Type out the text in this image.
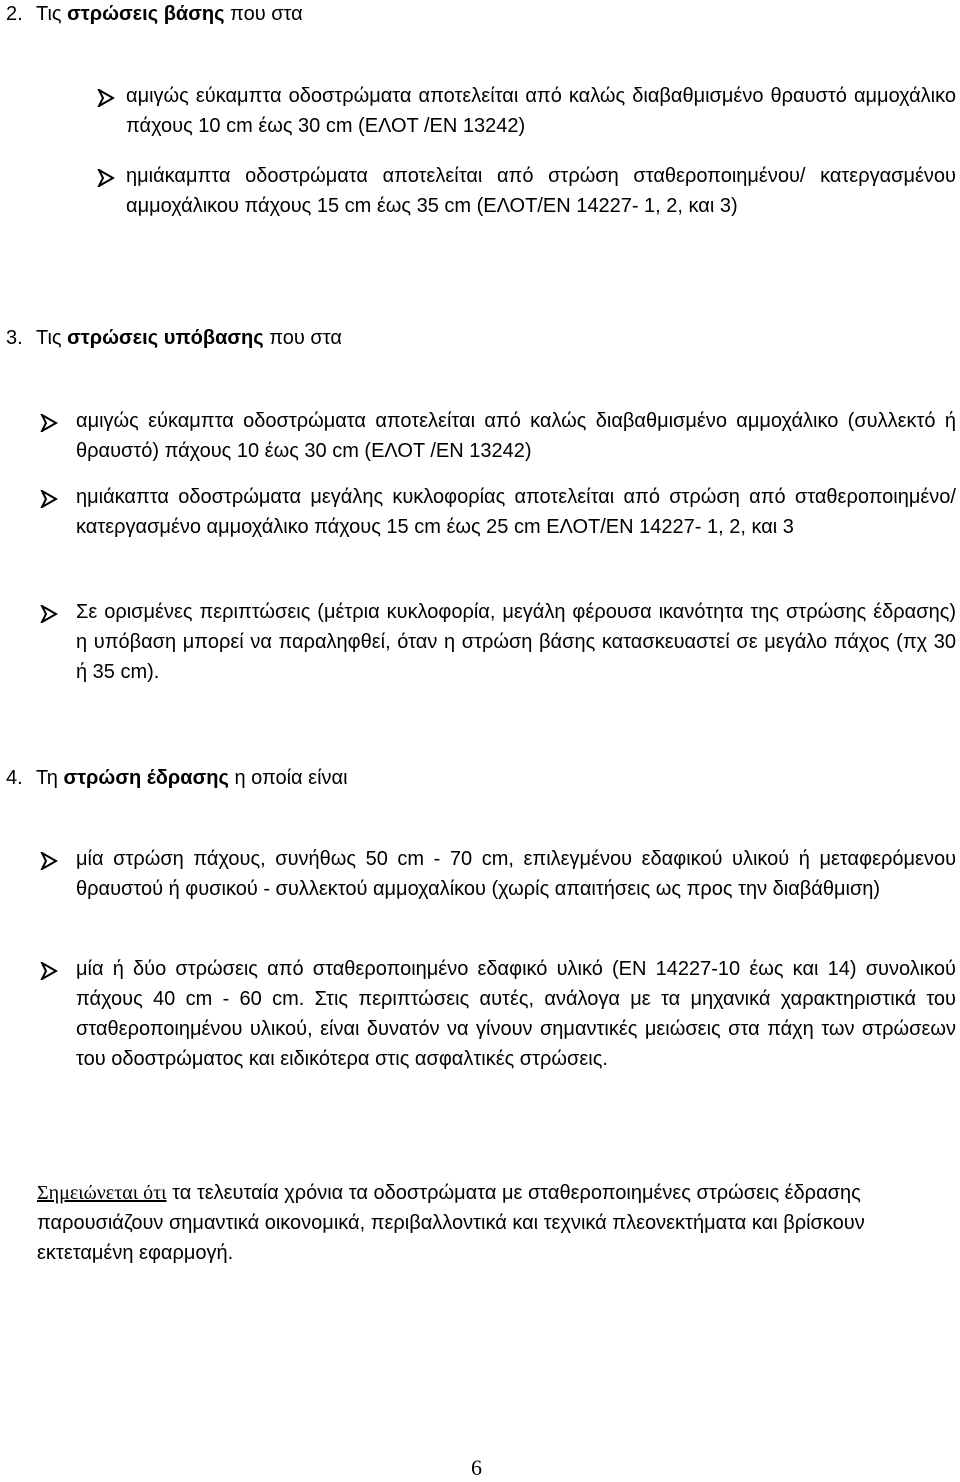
2. Τις στρώσεις βάσης που στα
αμιγώς εύκαμπτα οδοστρώματα αποτελείται από καλώς διαβαθμισμένο θραυστό αμμοχάλικο πάχους 10 cm έως 30 cm (ΕΛΟΤ /ΕΝ 13242)
ημιάκαμπτα οδοστρώματα αποτελείται από στρώση σταθεροποιημένου/ κατεργασμένου αμμοχάλικου πάχους 15 cm έως 35 cm (ΕΛΟΤ/ΕΝ 14227- 1, 2, και 3)
3. Τις στρώσεις υπόβασης που στα
αμιγώς εύκαμπτα οδοστρώματα αποτελείται από καλώς διαβαθμισμένο αμμοχάλικο (συλλεκτό ή θραυστό) πάχους 10 έως 30 cm (ΕΛΟΤ /ΕΝ 13242)
ημιάκαπτα οδοστρώματα μεγάλης κυκλοφορίας αποτελείται από στρώση από σταθεροποιημένο/κατεργασμένο αμμοχάλικο πάχους 15 cm έως 25 cm ΕΛΟΤ/ΕΝ 14227- 1, 2, και 3
Σε ορισμένες περιπτώσεις (μέτρια κυκλοφορία, μεγάλη φέρουσα ικανότητα της στρώσης έδρασης) η υπόβαση μπορεί να παραληφθεί, όταν η στρώση βάσης κατασκευαστεί σε μεγάλο πάχος (πχ 30 ή 35 cm).
4. Τη στρώση έδρασης η οποία είναι
μία στρώση πάχους, συνήθως 50 cm - 70 cm, επιλεγμένου εδαφικού υλικού ή μεταφερόμενου θραυστού ή φυσικού - συλλεκτού αμμοχαλίκου (χωρίς απαιτήσεις ως προς την διαβάθμιση)
μία ή δύο στρώσεις από σταθεροποιημένο εδαφικό υλικό (ΕΝ 14227-10 έως και 14) συνολικού πάχους 40 cm - 60 cm. Στις περιπτώσεις αυτές, ανάλογα με τα μηχανικά χαρακτηριστικά του σταθεροποιημένου υλικού, είναι δυνατόν να γίνουν σημαντικές μειώσεις στα πάχη των στρώσεων του οδοστρώματος και ειδικότερα στις ασφαλτικές στρώσεις.
Σημειώνεται ότι τα τελευταία χρόνια τα οδοστρώματα με σταθεροποιημένες στρώσεις έδρασης παρουσιάζουν σημαντικά οικονομικά, περιβαλλοντικά και τεχνικά πλεονεκτήματα και βρίσκουν εκτεταμένη εφαρμογή.
6
